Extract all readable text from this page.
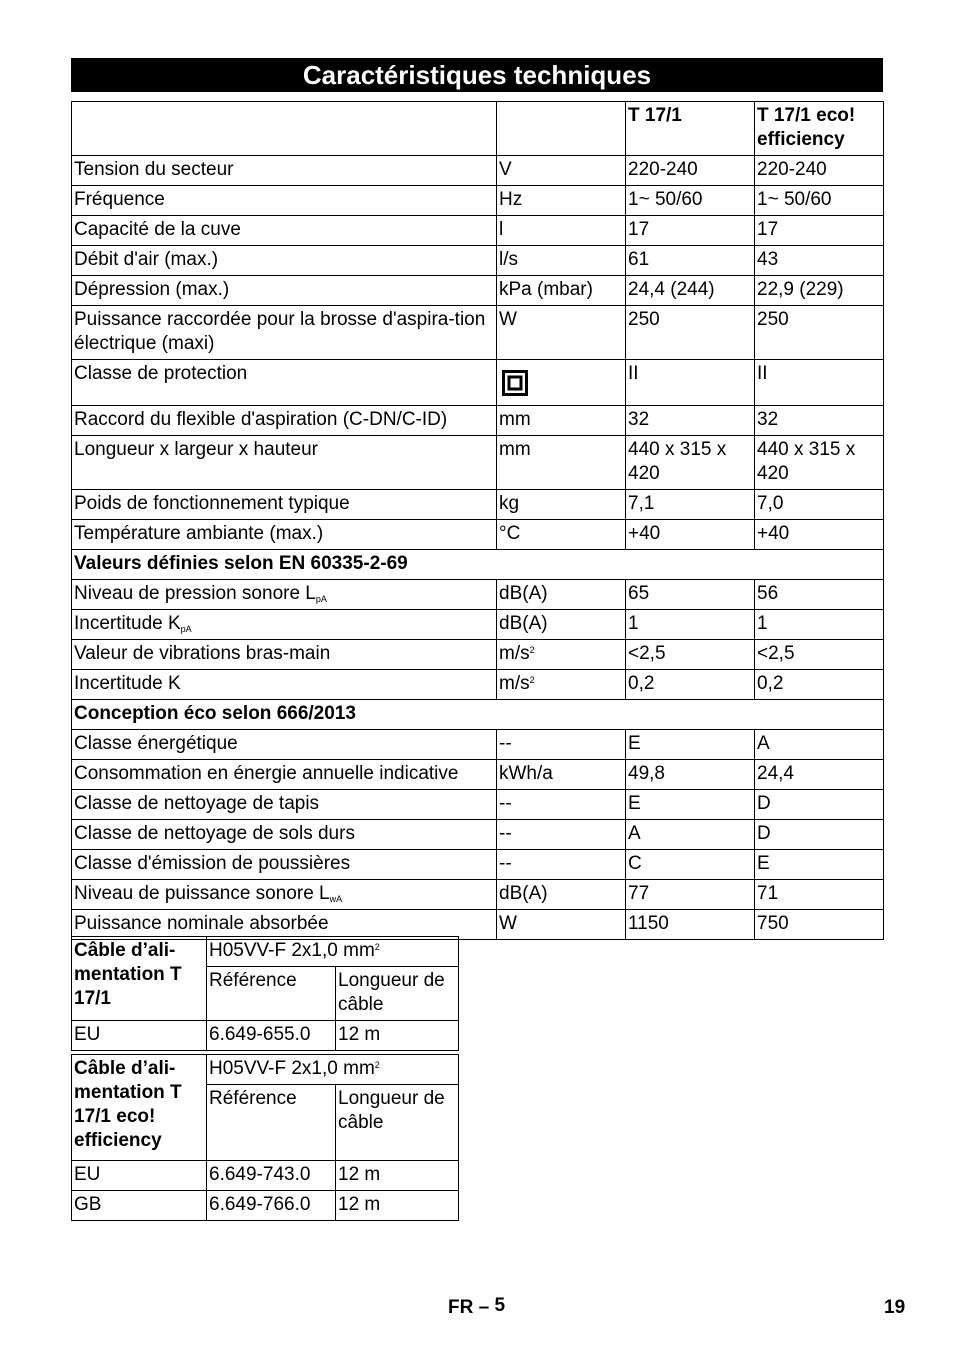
Caractéristiques techniques
		T 17/1	T 17/1 eco! efficiency
Tension du secteur	V	220-240	220-240
Fréquence	Hz	1~ 50/60	1~ 50/60
Capacité de la cuve	l	17	17
Débit d'air (max.)	l/s	61	43
Dépression (max.)	kPa (mbar)	24,4 (244)	22,9 (229)
Puissance raccordée pour la brosse d'aspira-tion électrique (maxi)	W	250	250
Classe de protection		II	II
Raccord du flexible d'aspiration (C-DN/C-ID)	mm	32	32
Longueur x largeur x hauteur	mm	440 x 315 x 420	440 x 315 x 420
Poids de fonctionnement typique	kg	7,1	7,0
Température ambiante (max.)	°C	+40	+40
Valeurs définies selon EN 60335-2-69			
Niveau de pression sonore $L_{pA}$	dB(A)	65	56
Incertitude $K_{pA}$	dB(A)	1	1
Valeur de vibrations bras-main	$m/s^2$	<2,5	<2,5
Incertitude K	$m/s^2$	0,2	0,2
Conception éco selon 666/2013			
Classe énergétique	--	E	A
Consommation en énergie annuelle indicative	kWh/a	49,8	24,4
Classe de nettoyage de tapis	--	E	D
Classe de nettoyage de sols durs	--	A	D
Classe d'émission de poussières	--	C	E
Niveau de puissance sonore $L_{wA}$	dB(A)	77	71
Puissance nominale absorbée	W	1150	750
Câble d’ali-mentation T 17/1	H05VV-F 2x1,0 $mm^2$
	Référence	Longueur de câble
EU	6.649-655.0	12 m
Câble d’ali-mentation T 17/1 eco! efficiency	H05VV-F 2x1,0 $mm^2$
	Référence	Longueur de câble
EU	6.649-743.0	12 m
GB	6.649-766.0	12 m
FR – 5	19
